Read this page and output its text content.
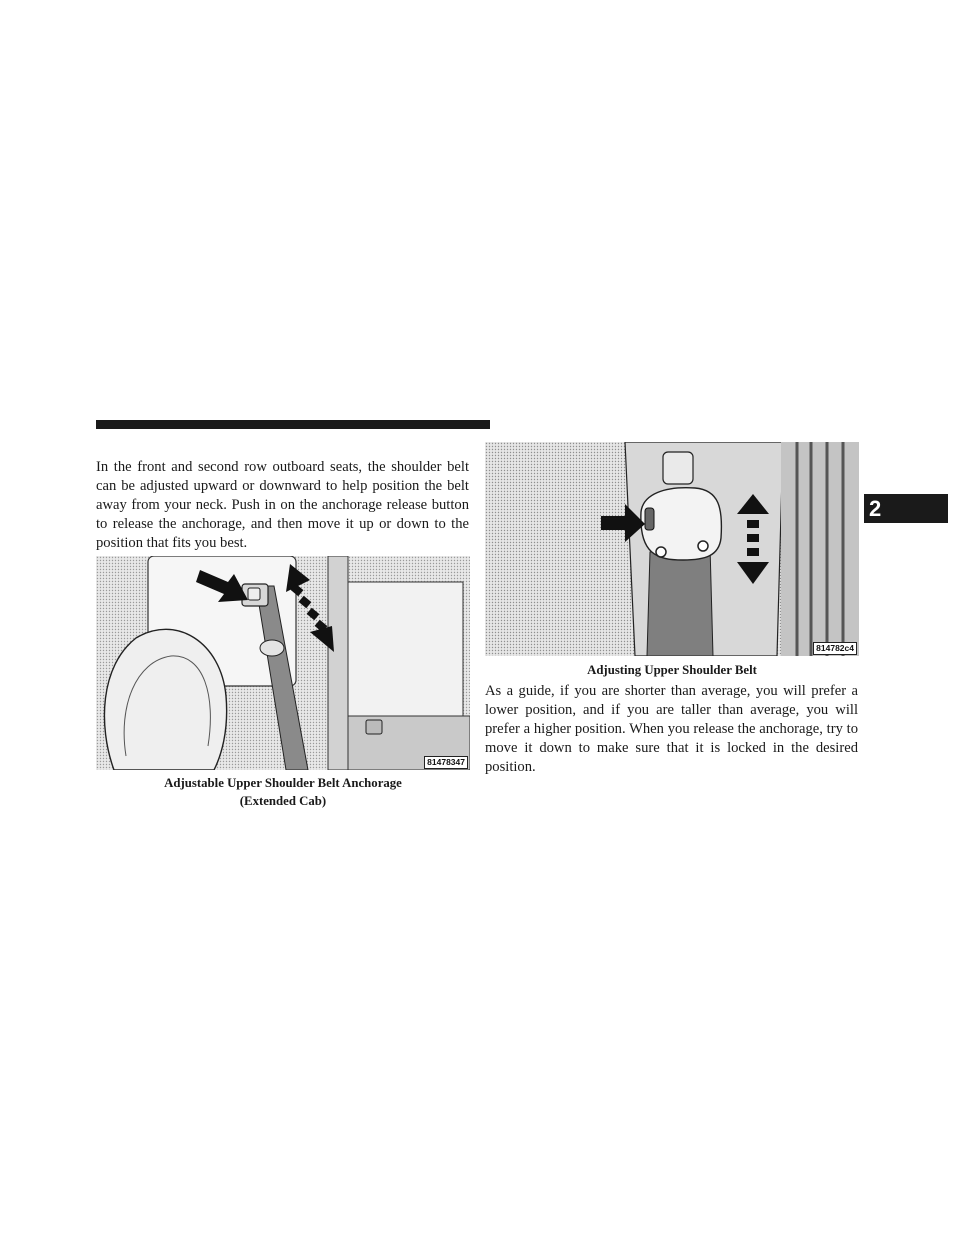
2

In the front and second row outboard seats, the shoulder belt can be adjusted upward or downward to help position the belt away from your neck. Push in on the anchorage release button to release the anchorage, and then move it up or down to the position that fits you best.

81478347

Adjustable Upper Shoulder Belt Anchorage
(Extended Cab)

814782c4

Adjusting Upper Shoulder Belt

As a guide, if you are shorter than average, you will prefer a lower position, and if you are taller than average, you will prefer a higher position. When you release the anchorage, try to move it down to make sure that it is locked in the desired position.
